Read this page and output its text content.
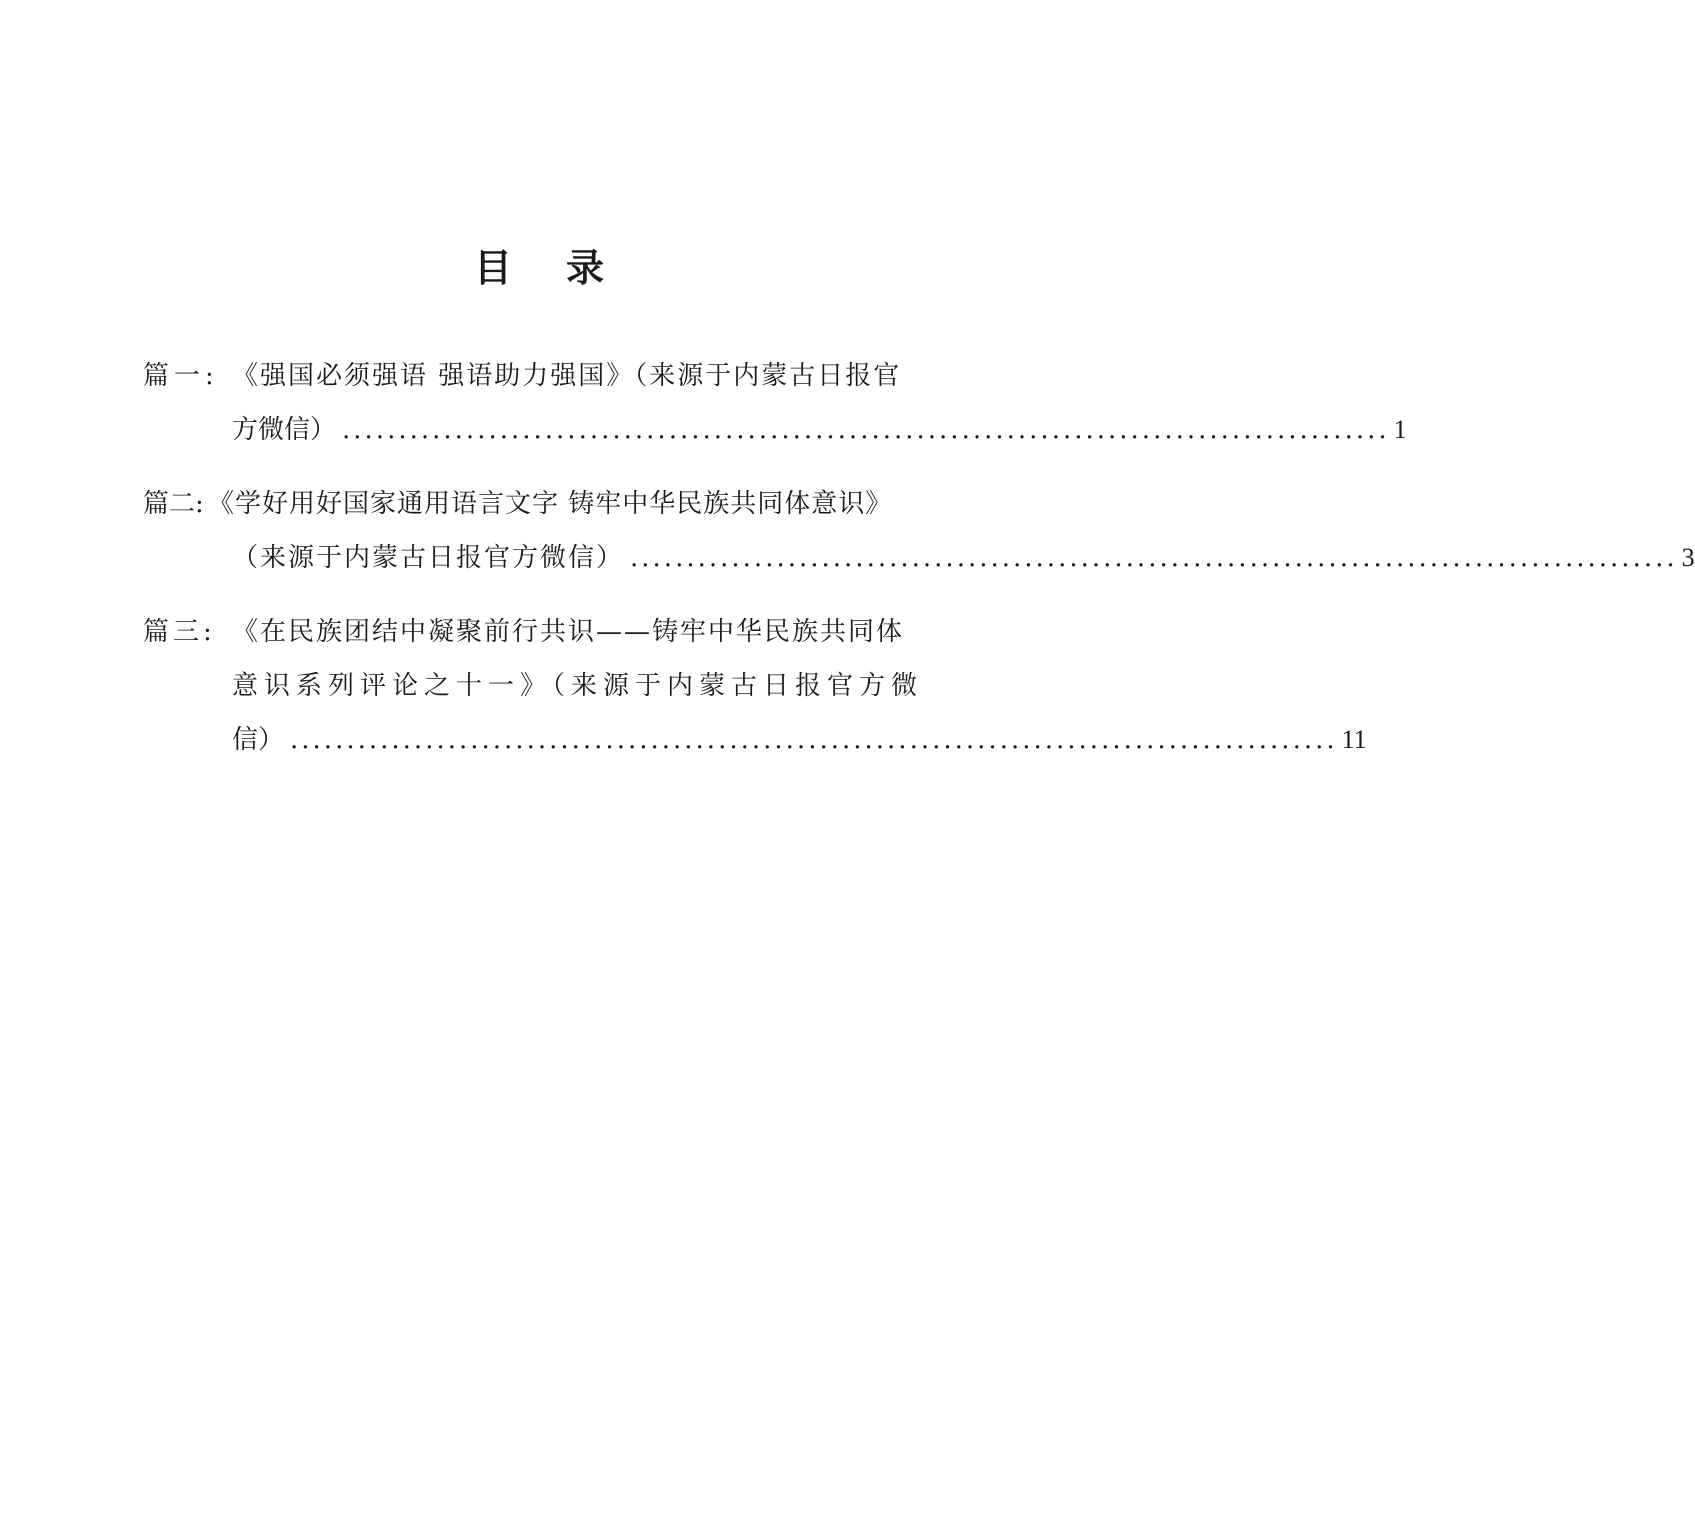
目 录
篇一: 《强国必须强语 强语助力强国》（来源于内蒙古日报官
方微信） ............................................................................................. 1
篇二: 《学好用好国家通用语言文字 铸牢中华民族共同体意识》
（来源于内蒙古日报官方微信） ............................................................................................. 3
篇三: 《在民族团结中凝聚前行共识——铸牢中华民族共同体
意识系列评论之十一》（来源于内蒙古日报官方微
信） ............................................................................................. 11
